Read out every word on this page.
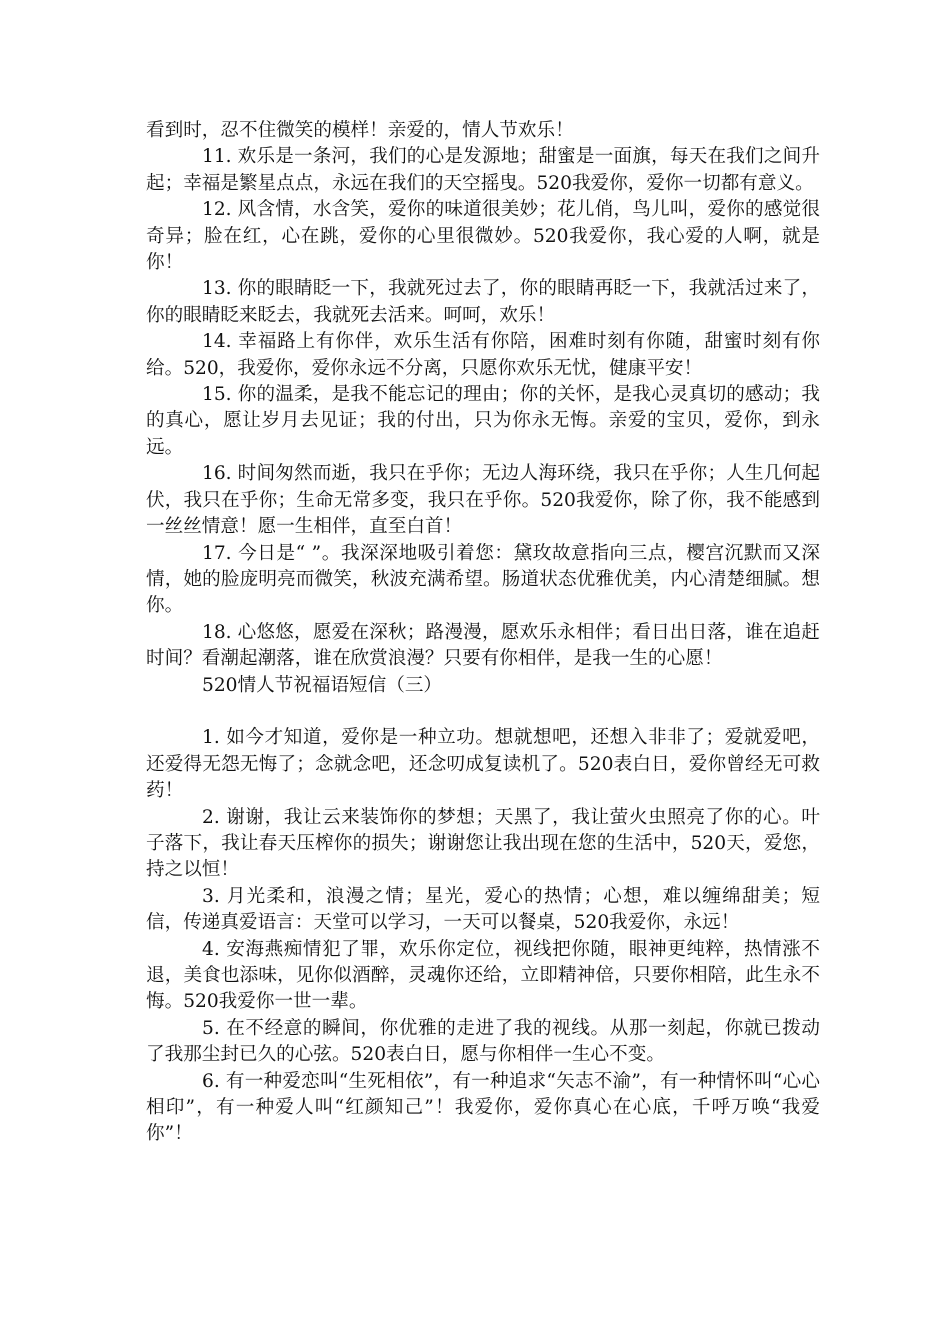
看到时，忍不住微笑的模样！亲爱的，情人节欢乐！

11. 欢乐是一条河，我们的心是发源地；甜蜜是一面旗，每天在我们之间升起；幸福是繁星点点，永远在我们的天空摇曳。520我爱你，爱你一切都有意义。

12. 风含情，水含笑，爱你的味道很美妙；花儿俏，鸟儿叫，爱你的感觉很奇异；脸在红，心在跳，爱你的心里很微妙。520我爱你，我心爱的人啊，就是你！

13. 你的眼睛眨一下，我就死过去了，你的眼睛再眨一下，我就活过来了，你的眼睛眨来眨去，我就死去活来。呵呵，欢乐！

14. 幸福路上有你伴，欢乐生活有你陪，困难时刻有你随，甜蜜时刻有你给。520，我爱你，爱你永远不分离，只愿你欢乐无忧，健康平安！

15. 你的温柔，是我不能忘记的理由；你的关怀，是我心灵真切的感动；我的真心，愿让岁月去见证；我的付出，只为你永无悔。亲爱的宝贝，爱你，到永远。

16. 时间匆然而逝，我只在乎你；无边人海环绕，我只在乎你；人生几何起伏，我只在乎你；生命无常多变，我只在乎你。520我爱你，除了你，我不能感到一丝丝情意！愿一生相伴，直至白首！

17. 今日是“ ”。我深深地吸引着您：黛玫故意指向三点，樱宫沉默而又深情，她的脸庞明亮而微笑，秋波充满希望。肠道状态优雅优美，内心清楚细腻。想你。

18. 心悠悠，愿爱在深秋；路漫漫，愿欢乐永相伴；看日出日落，谁在追赶时间？看潮起潮落，谁在欣赏浪漫？只要有你相伴，是我一生的心愿！

520情人节祝福语短信（三）

1. 如今才知道，爱你是一种立功。想就想吧，还想入非非了；爱就爱吧，还爱得无怨无悔了；念就念吧，还念叨成复读机了。520表白日，爱你曾经无可救药！

2. 谢谢，我让云来装饰你的梦想；天黑了，我让萤火虫照亮了你的心。叶子落下，我让春天压榨你的损失；谢谢您让我出现在您的生活中，520天，爱您，持之以恒！

3. 月光柔和，浪漫之情；星光，爱心的热情；心想，难以缠绵甜美；短信，传递真爱语言：天堂可以学习，一天可以餐桌，520我爱你，永远！

4. 安海燕痴情犯了罪，欢乐你定位，视线把你随，眼神更纯粹，热情涨不退，美食也添味，见你似酒醉，灵魂你还给，立即精神倍，只要你相陪，此生永不悔。520我爱你一世一辈。

5. 在不经意的瞬间，你优雅的走进了我的视线。从那一刻起，你就已拨动了我那尘封已久的心弦。520表白日，愿与你相伴一生心不变。

6. 有一种爱恋叫“生死相依”，有一种追求“矢志不渝”，有一种情怀叫“心心相印”，有一种爱人叫“红颜知己”！我爱你，爱你真心在心底，千呼万唤“我爱你”！
